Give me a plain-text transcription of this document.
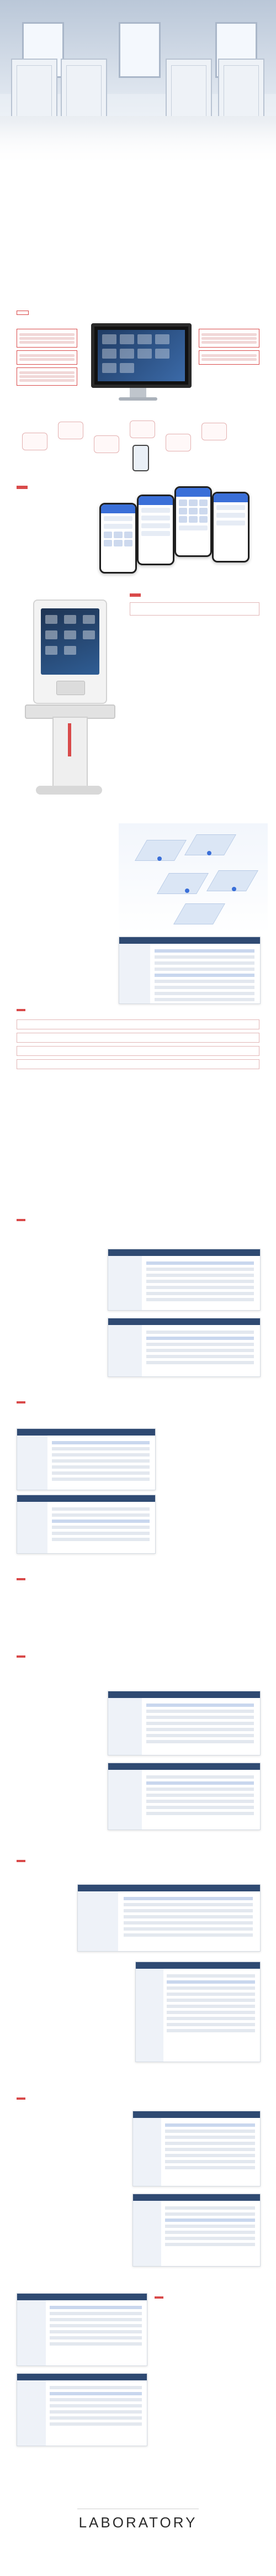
LABORATORY
